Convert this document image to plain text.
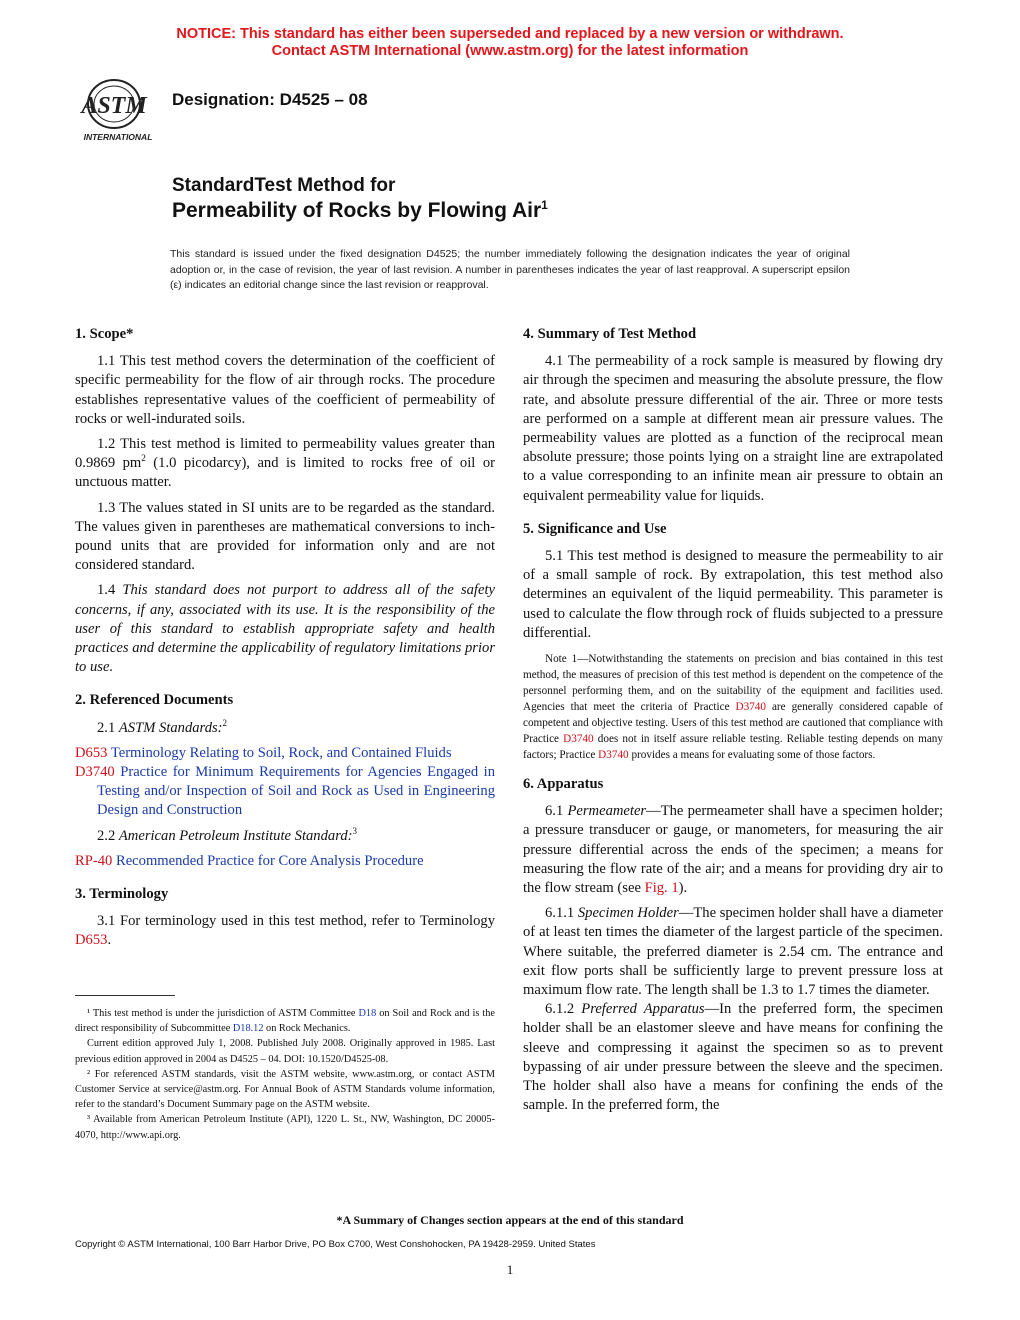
NOTICE: This standard has either been superseded and replaced by a new version or withdrawn.
Contact ASTM International (www.astm.org) for the latest information
ASTM
INTERNATIONAL
Designation: D4525 – 08
StandardTest Method for
Permeability of Rocks by Flowing Air$^1$
This standard is issued under the fixed designation D4525; the number immediately following the designation indicates the year of original adoption or, in the case of revision, the year of last revision. A number in parentheses indicates the year of last reapproval. A superscript epsilon (ε) indicates an editorial change since the last revision or reapproval.
1. Scope*

1.1 This test method covers the determination of the coefficient of specific permeability for the flow of air through rocks. The procedure establishes representative values of the coefficient of permeability of rocks or well-indurated soils.

1.2 This test method is limited to permeability values greater than 0.9869 $pm^2$ (1.0 picodarcy), and is limited to rocks free of oil or unctuous matter.

1.3 The values stated in SI units are to be regarded as the standard. The values given in parentheses are mathematical conversions to inch-pound units that are provided for information only and are not considered standard.

1.4 This standard does not purport to address all of the safety concerns, if any, associated with its use. It is the responsibility of the user of this standard to establish appropriate safety and health practices and determine the applicability of regulatory limitations prior to use.

2. Referenced Documents

2.1 ASTM Standards:$^2$

D653 Terminology Relating to Soil, Rock, and Contained Fluids
D3740 Practice for Minimum Requirements for Agencies Engaged in Testing and/or Inspection of Soil and Rock as Used in Engineering Design and Construction

2.2 American Petroleum Institute Standard:$^3$

RP-40 Recommended Practice for Core Analysis Procedure
3. Terminology

3.1 For terminology used in this test method, refer to Terminology D653.

¹ This test method is under the jurisdiction of ASTM Committee D18 on Soil and Rock and is the direct responsibility of Subcommittee D18.12 on Rock Mechanics.

Current edition approved July 1, 2008. Published July 2008. Originally approved in 1985. Last previous edition approved in 2004 as D4525 – 04. DOI: 10.1520/D4525-08.

² For referenced ASTM standards, visit the ASTM website, www.astm.org, or contact ASTM Customer Service at service@astm.org. For Annual Book of ASTM Standards volume information, refer to the standard’s Document Summary page on the ASTM website.

³ Available from American Petroleum Institute (API), 1220 L. St., NW, Washington, DC 20005-4070, http://www.api.org.

4. Summary of Test Method

4.1 The permeability of a rock sample is measured by flowing dry air through the specimen and measuring the absolute pressure, the flow rate, and absolute pressure differential of the air. Three or more tests are performed on a sample at different mean air pressure values. The permeability values are plotted as a function of the reciprocal mean absolute pressure; those points lying on a straight line are extrapolated to a value corresponding to an infinite mean air pressure to obtain an equivalent permeability value for liquids.

5. Significance and Use

5.1 This test method is designed to measure the permeability to air of a small sample of rock. By extrapolation, this test method also determines an equivalent of the liquid permeability. This parameter is used to calculate the flow through rock of fluids subjected to a pressure differential.

Note 1—Notwithstanding the statements on precision and bias contained in this test method, the measures of precision of this test method is dependent on the competence of the personnel performing them, and on the suitability of the equipment and facilities used. Agencies that meet the criteria of Practice D3740 are generally considered capable of competent and objective testing. Users of this test method are cautioned that compliance with Practice D3740 does not in itself assure reliable testing. Reliable testing depends on many factors; Practice D3740 provides a means for evaluating some of those factors.
6. Apparatus

6.1 Permeameter—The permeameter shall have a specimen holder; a pressure transducer or gauge, or manometers, for measuring the air pressure differential across the ends of the specimen; a means for measuring the flow rate of the air; and a means for providing dry air to the flow stream (see Fig. 1).

6.1.1 Specimen Holder—The specimen holder shall have a diameter of at least ten times the diameter of the largest particle of the specimen. Where suitable, the preferred diameter is 2.54 cm. The entrance and exit flow ports shall be sufficiently large to prevent pressure loss at maximum flow rate. The length shall be 1.3 to 1.7 times the diameter.

6.1.2 Preferred Apparatus—In the preferred form, the specimen holder shall be an elastomer sleeve and have means for confining the sleeve and compressing it against the specimen so as to prevent bypassing of air under pressure between the sleeve and the specimen. The holder shall also have a means for confining the ends of the sample. In the preferred form, the

*A Summary of Changes section appears at the end of this standard
Copyright © ASTM International, 100 Barr Harbor Drive, PO Box C700, West Conshohocken, PA 19428-2959. United States
1
